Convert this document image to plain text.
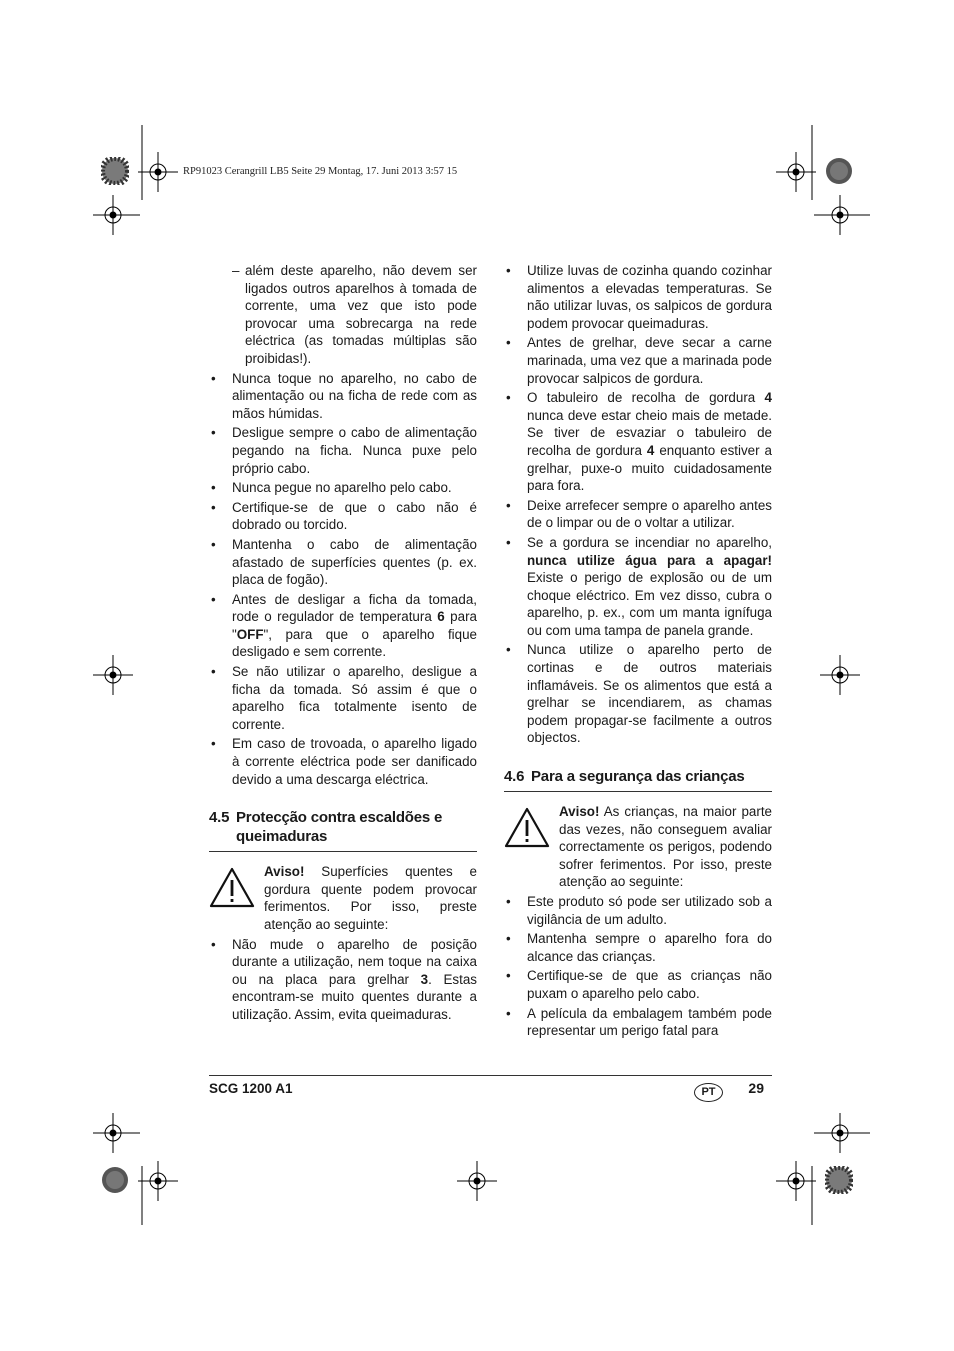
RP91023 Cerangrill LB5 Seite 29 Montag, 17. Juni 2013 3:57 15
– além deste aparelho, não devem ser ligados outros aparelhos à tomada de corrente, uma vez que isto pode provocar uma sobrecarga na rede eléctrica (as tomadas múltiplas são proibidas!).
• Nunca toque no aparelho, no cabo de alimentação ou na ficha de rede com as mãos húmidas.
• Desligue sempre o cabo de alimentação pegando na ficha. Nunca puxe pelo próprio cabo.
• Nunca pegue no aparelho pelo cabo.
• Certifique-se de que o cabo não é dobrado ou torcido.
• Mantenha o cabo de alimentação afastado de superfícies quentes (p. ex. placa de fogão).
• Antes de desligar a ficha da tomada, rode o regulador de temperatura 6 para "OFF", para que o aparelho fique desligado e sem corrente.
• Se não utilizar o aparelho, desligue a ficha da tomada. Só assim é que o aparelho fica totalmente isento de corrente.
• Em caso de trovoada, o aparelho ligado à corrente eléctrica pode ser danificado devido a uma descarga eléctrica.
4.5 Protecção contra escaldões e queimaduras
Aviso! Superfícies quentes e gordura quente podem provocar ferimentos. Por isso, preste atenção ao seguinte:
• Não mude o aparelho de posição durante a utilização, nem toque na caixa ou na placa para grelhar 3. Estas encontram-se muito quentes durante a utilização. Assim, evita queimaduras.
• Utilize luvas de cozinha quando cozinhar alimentos a elevadas temperaturas. Se não utilizar luvas, os salpicos de gordura podem provocar queimaduras.
• Antes de grelhar, deve secar a carne marinada, uma vez que a marinada pode provocar salpicos de gordura.
• O tabuleiro de recolha de gordura 4 nunca deve estar cheio mais de metade. Se tiver de esvaziar o tabuleiro de recolha de gordura 4 enquanto estiver a grelhar, puxe-o muito cuidadosamente para fora.
• Deixe arrefecer sempre o aparelho antes de o limpar ou de o voltar a utilizar.
• Se a gordura se incendiar no aparelho, nunca utilize água para a apagar! Existe o perigo de explosão ou de um choque eléctrico. Em vez disso, cubra o aparelho, p. ex., com um manta ignífuga ou com uma tampa de panela grande.
• Nunca utilize o aparelho perto de cortinas e de outros materiais inflamáveis. Se os alimentos que está a grelhar se incendiarem, as chamas podem propagar-se facilmente a outros objectos.
4.6 Para a segurança das crianças
Aviso! As crianças, na maior parte das vezes, não conseguem avaliar correctamente os perigos, podendo sofrer ferimentos. Por isso, preste atenção ao seguinte:
• Este produto só pode ser utilizado sob a vigilância de um adulto.
• Mantenha sempre o aparelho fora do alcance das crianças.
• Certifique-se de que as crianças não puxam o aparelho pelo cabo.
• A película da embalagem também pode representar um perigo fatal para
SCG 1200 A1	PT	29
